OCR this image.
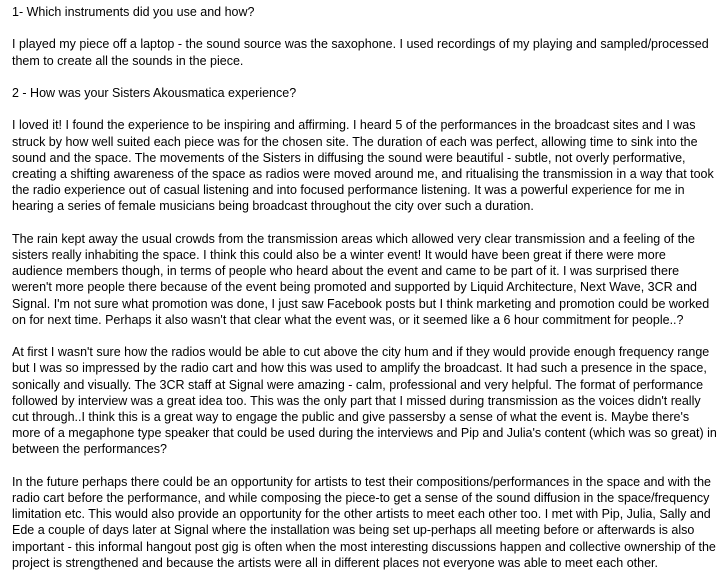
1- Which instruments did you use and how?

I played my piece off a laptop - the sound source was the saxophone. I used recordings of my playing and sampled/processed them to create all the sounds in the piece.

2 - How was your Sisters Akousmatica experience?

I loved it! I found the experience to be inspiring and affirming. I heard 5 of the performances in the broadcast sites and I was struck by how well suited each piece was for the chosen site. The duration of each was perfect, allowing time to sink into the sound and the space. The movements of the Sisters in diffusing the sound were beautiful - subtle, not overly performative, creating a shifting awareness of the space as radios were moved around me, and ritualising the transmission in a way that took the radio experience out of casual listening and into focused performance listening. It was a powerful experience for me in hearing a series of female musicians being broadcast throughout the city over such a duration.

The rain kept away the usual crowds from the transmission areas which allowed very clear transmission and a feeling of the sisters really inhabiting the space. I think this could also be a winter event! It would have been great if there were more audience members though, in terms of people who heard about the event and came to be part of it. I was surprised there weren't more people there because of the event being promoted and supported by Liquid Architecture, Next Wave, 3CR and Signal. I'm not sure what promotion was done, I just saw Facebook posts but I think marketing and promotion could be worked on for next time. Perhaps it also wasn't that clear what the event was, or it seemed like a 6 hour commitment for people..?

At first I wasn't sure how the radios would be able to cut above the city hum and if they would provide enough frequency range but I was so impressed by the radio cart and how this was used to amplify the broadcast. It had such a presence in the space, sonically and visually. The 3CR staff at Signal were amazing - calm, professional and very helpful. The format of performance followed by interview was a great idea too. This was the only part that I missed during transmission as the voices didn't really cut through..I think this is a great way to engage the public and give passersby a sense of what the event is. Maybe there's more of a megaphone type speaker that could be used during the interviews and Pip and Julia's content (which was so great) in between the performances?

In the future perhaps there could be an opportunity for artists to test their compositions/performances in the space and with the radio cart before the performance, and while composing the piece-to get a sense of the sound diffusion in the space/frequency limitation etc. This would also provide an opportunity for the other artists to meet each other too. I met with Pip, Julia, Sally and Ede a couple of days later at Signal where the installation was being set up-perhaps all meeting before or afterwards is also important - this informal hangout post gig is often when the most interesting discussions happen and collective ownership of the project is strengthened and because the artists were all in different places not everyone was able to meet each other.
